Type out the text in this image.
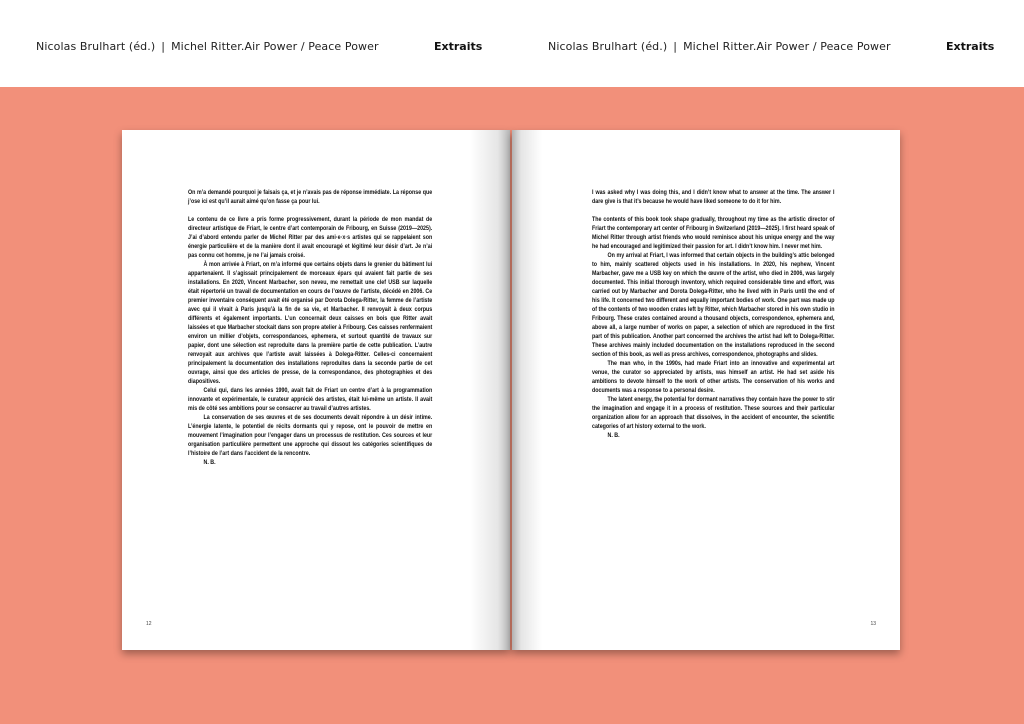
Nicolas Brulhart (éd.) | Michel Ritter.Air Power / Peace Power	Extraits	Nicolas Brulhart (éd.) | Michel Ritter.Air Power / Peace Power	Extraits

On m’a demandé pourquoi je faisais ça, et je n’avais pas de réponse immédiate. La réponse que j’ose ici est qu’il aurait aimé qu’on fasse ça pour lui.

Le contenu de ce livre a pris forme progressivement, durant la période de mon mandat de directeur artistique de Friart, le centre d’art contemporain de Fribourg, en Suisse (2019—2025). J’ai d’abord entendu parler de Michel Ritter par des ami·e·x·s artistes qui se rappelaient son énergie particulière et de la manière dont il avait encouragé et légitimé leur désir d’art. Je n’ai pas connu cet homme, je ne l’ai jamais croisé.

À mon arrivée à Friart, on m’a informé que certains objets dans le grenier du bâtiment lui appartenaient. Il s’agissait principalement de morceaux épars qui avaient fait partie de ses installations. En 2020, Vincent Marbacher, son neveu, me remettait une clef USB sur laquelle était répertorié un travail de documentation en cours de l’œuvre de l’artiste, décédé en 2006. Ce premier inventaire conséquent avait été organisé par Dorota Dolega-Ritter, la femme de l’artiste avec qui il vivait à Paris jusqu’à la fin de sa vie, et Marbacher. Il renvoyait à deux corpus différents et également importants. L’un concernait deux caisses en bois que Ritter avait laissées et que Marbacher stockait dans son propre atelier à Fribourg. Ces caisses renfermaient environ un millier d’objets, correspondances, ephemera, et surtout quantité de travaux sur papier, dont une sélection est reproduite dans la première partie de cette publication. L’autre renvoyait aux archives que l’artiste avait laissées à Dolega-Ritter. Celles-ci concernaient principalement la documentation des installations reproduites dans la seconde partie de cet ouvrage, ainsi que des articles de presse, de la correspondance, des photographies et des diapositives.

Celui qui, dans les années 1990, avait fait de Friart un centre d’art à la programmation innovante et expérimentale, le curateur apprécié des artistes, était lui-même un artiste. Il avait mis de côté ses ambitions pour se consacrer au travail d’autres artistes.

La conservation de ses œuvres et de ses documents devait répondre à un désir intime. L’énergie latente, le potentiel de récits dormants qui y repose, ont le pouvoir de mettre en mouvement l’imagination pour l’engager dans un processus de restitution. Ces sources et leur organisation particulière permettent une approche qui dissout les catégories scientifiques de l’histoire de l’art dans l’accident de la rencontre.

N. B.

12

I was asked why I was doing this, and I didn’t know what to answer at the time. The answer I dare give is that it’s because he would have liked someone to do it for him.

The contents of this book took shape gradually, throughout my time as the artistic director of Friart the contemporary art center of Fribourg in Switzerland (2019—2025). I first heard speak of Michel Ritter through artist friends who would reminisce about his unique energy and the way he had encouraged and legitimized their passion for art. I didn’t know him. I never met him.

On my arrival at Friart, I was informed that certain objects in the building’s attic belonged to him, mainly scattered objects used in his installations. In 2020, his nephew, Vincent Marbacher, gave me a USB key on which the œuvre of the artist, who died in 2006, was largely documented. This initial thorough inventory, which required considerable time and effort, was carried out by Marbacher and Dorota Dolega-Ritter, who he lived with in Paris until the end of his life. It concerned two different and equally important bodies of work. One part was made up of the contents of two wooden crates left by Ritter, which Marbacher stored in his own studio in Fribourg. These crates contained around a thousand objects, correspondence, ephemera and, above all, a large number of works on paper, a selection of which are reproduced in the first part of this publication. Another part concerned the archives the artist had left to Dolega-Ritter. These archives mainly included documentation on the installations reproduced in the second section of this book, as well as press archives, correspondence, photographs and slides.

The man who, in the 1990s, had made Friart into an innovative and experimental art venue, the curator so appreciated by artists, was himself an artist. He had set aside his ambitions to devote himself to the work of other artists. The conservation of his works and documents was a response to a personal desire.

The latent energy, the potential for dormant narratives they contain have the power to stir the imagination and engage it in a process of restitution. These sources and their particular organization allow for an approach that dissolves, in the accident of encounter, the scientific categories of art history external to the work.

N. B.

13
